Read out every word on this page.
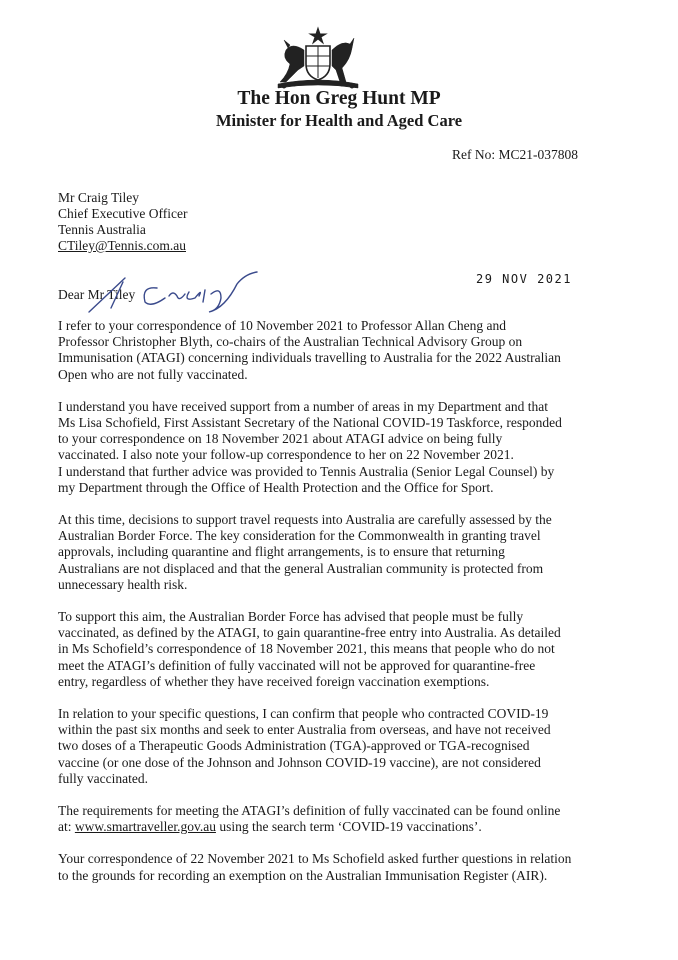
The Hon Greg Hunt MP
Minister for Health and Aged Care
Ref No: MC21-037808
Mr Craig Tiley
Chief Executive Officer
Tennis Australia
CTiley@Tennis.com.au
29 NOV 2021
Dear Mr Tiley

I refer to your correspondence of 10 November 2021 to Professor Allan Cheng and
Professor Christopher Blyth, co-chairs of the Australian Technical Advisory Group on
Immunisation (ATAGI) concerning individuals travelling to Australia for the 2022 Australian
Open who are not fully vaccinated.

I understand you have received support from a number of areas in my Department and that
Ms Lisa Schofield, First Assistant Secretary of the National COVID-19 Taskforce, responded
to your correspondence on 18 November 2021 about ATAGI advice on being fully
vaccinated. I also note your follow-up correspondence to her on 22 November 2021.
I understand that further advice was provided to Tennis Australia (Senior Legal Counsel) by
my Department through the Office of Health Protection and the Office for Sport.

At this time, decisions to support travel requests into Australia are carefully assessed by the
Australian Border Force. The key consideration for the Commonwealth in granting travel
approvals, including quarantine and flight arrangements, is to ensure that returning
Australians are not displaced and that the general Australian community is protected from
unnecessary health risk.

To support this aim, the Australian Border Force has advised that people must be fully
vaccinated, as defined by the ATAGI, to gain quarantine-free entry into Australia. As detailed
in Ms Schofield’s correspondence of 18 November 2021, this means that people who do not
meet the ATAGI’s definition of fully vaccinated will not be approved for quarantine-free
entry, regardless of whether they have received foreign vaccination exemptions.

In relation to your specific questions, I can confirm that people who contracted COVID-19
within the past six months and seek to enter Australia from overseas, and have not received
two doses of a Therapeutic Goods Administration (TGA)-approved or TGA-recognised
vaccine (or one dose of the Johnson and Johnson COVID-19 vaccine), are not considered
fully vaccinated.

The requirements for meeting the ATAGI’s definition of fully vaccinated can be found online
at: www.smartraveller.gov.au using the search term ‘COVID-19 vaccinations’.

Your correspondence of 22 November 2021 to Ms Schofield asked further questions in relation
to the grounds for recording an exemption on the Australian Immunisation Register (AIR).
